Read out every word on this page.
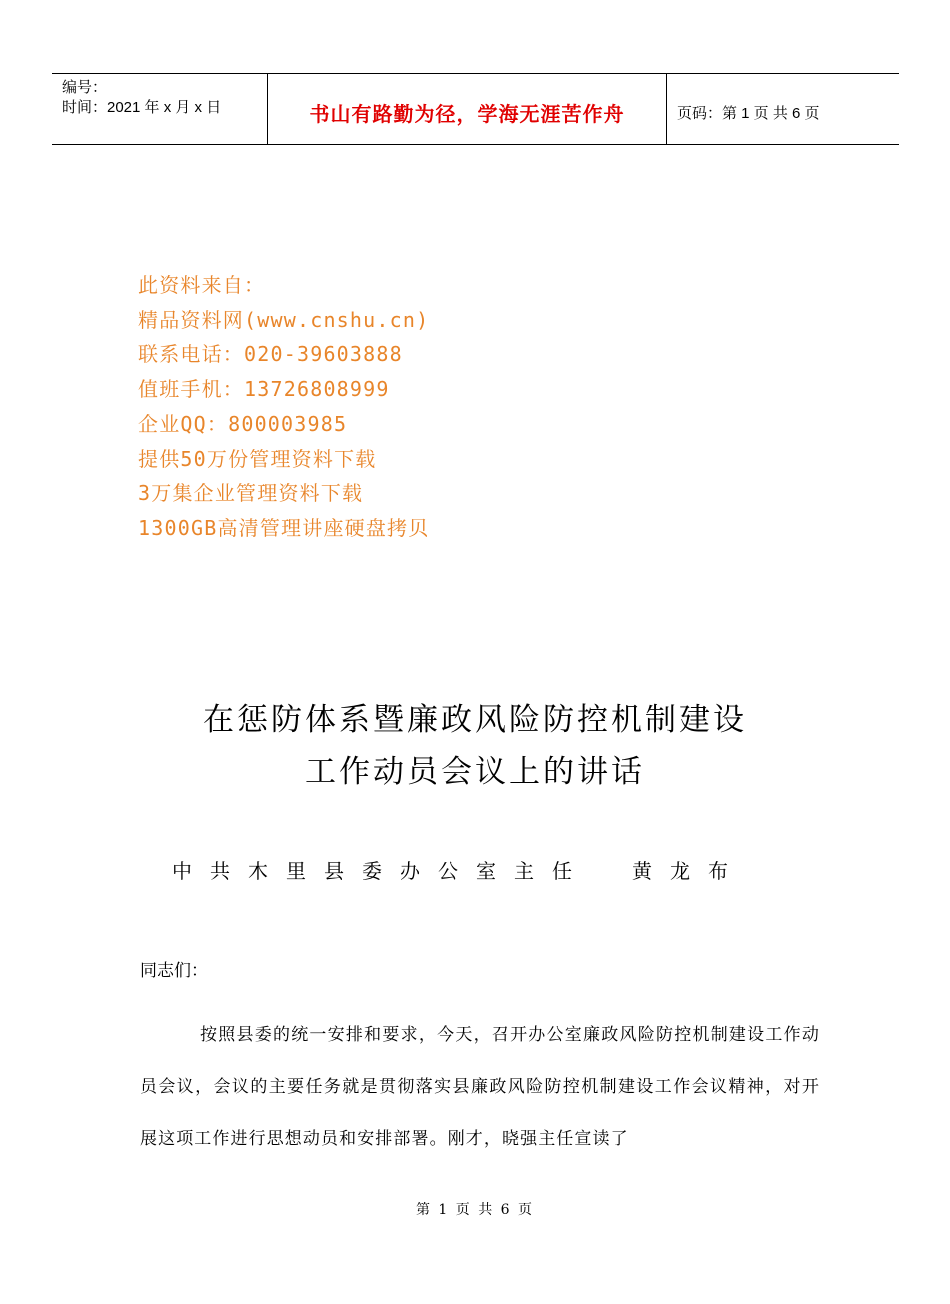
编号：
时间：2021 年 x 月 x 日	书山有路勤为径，学海无涯苦作舟	页码：第 1 页 共 6 页
此资料来自：
精品资料网(www.cnshu.cn)
联系电话：020-39603888
值班手机：13726808999
企业QQ：800003985
提供50万份管理资料下载
3万集企业管理资料下载
1300GB高清管理讲座硬盘拷贝
在惩防体系暨廉政风险防控机制建设
工作动员会议上的讲话
中共木里县委办公室主任 黄龙布
同志们：
按照县委的统一安排和要求，今天，召开办公室廉政风险防控机制建设工作动员会议，会议的主要任务就是贯彻落实县廉政风险防控机制建设工作会议精神，对开展这项工作进行思想动员和安排部署。刚才，晓强主任宣读了
第 1 页 共 6 页
